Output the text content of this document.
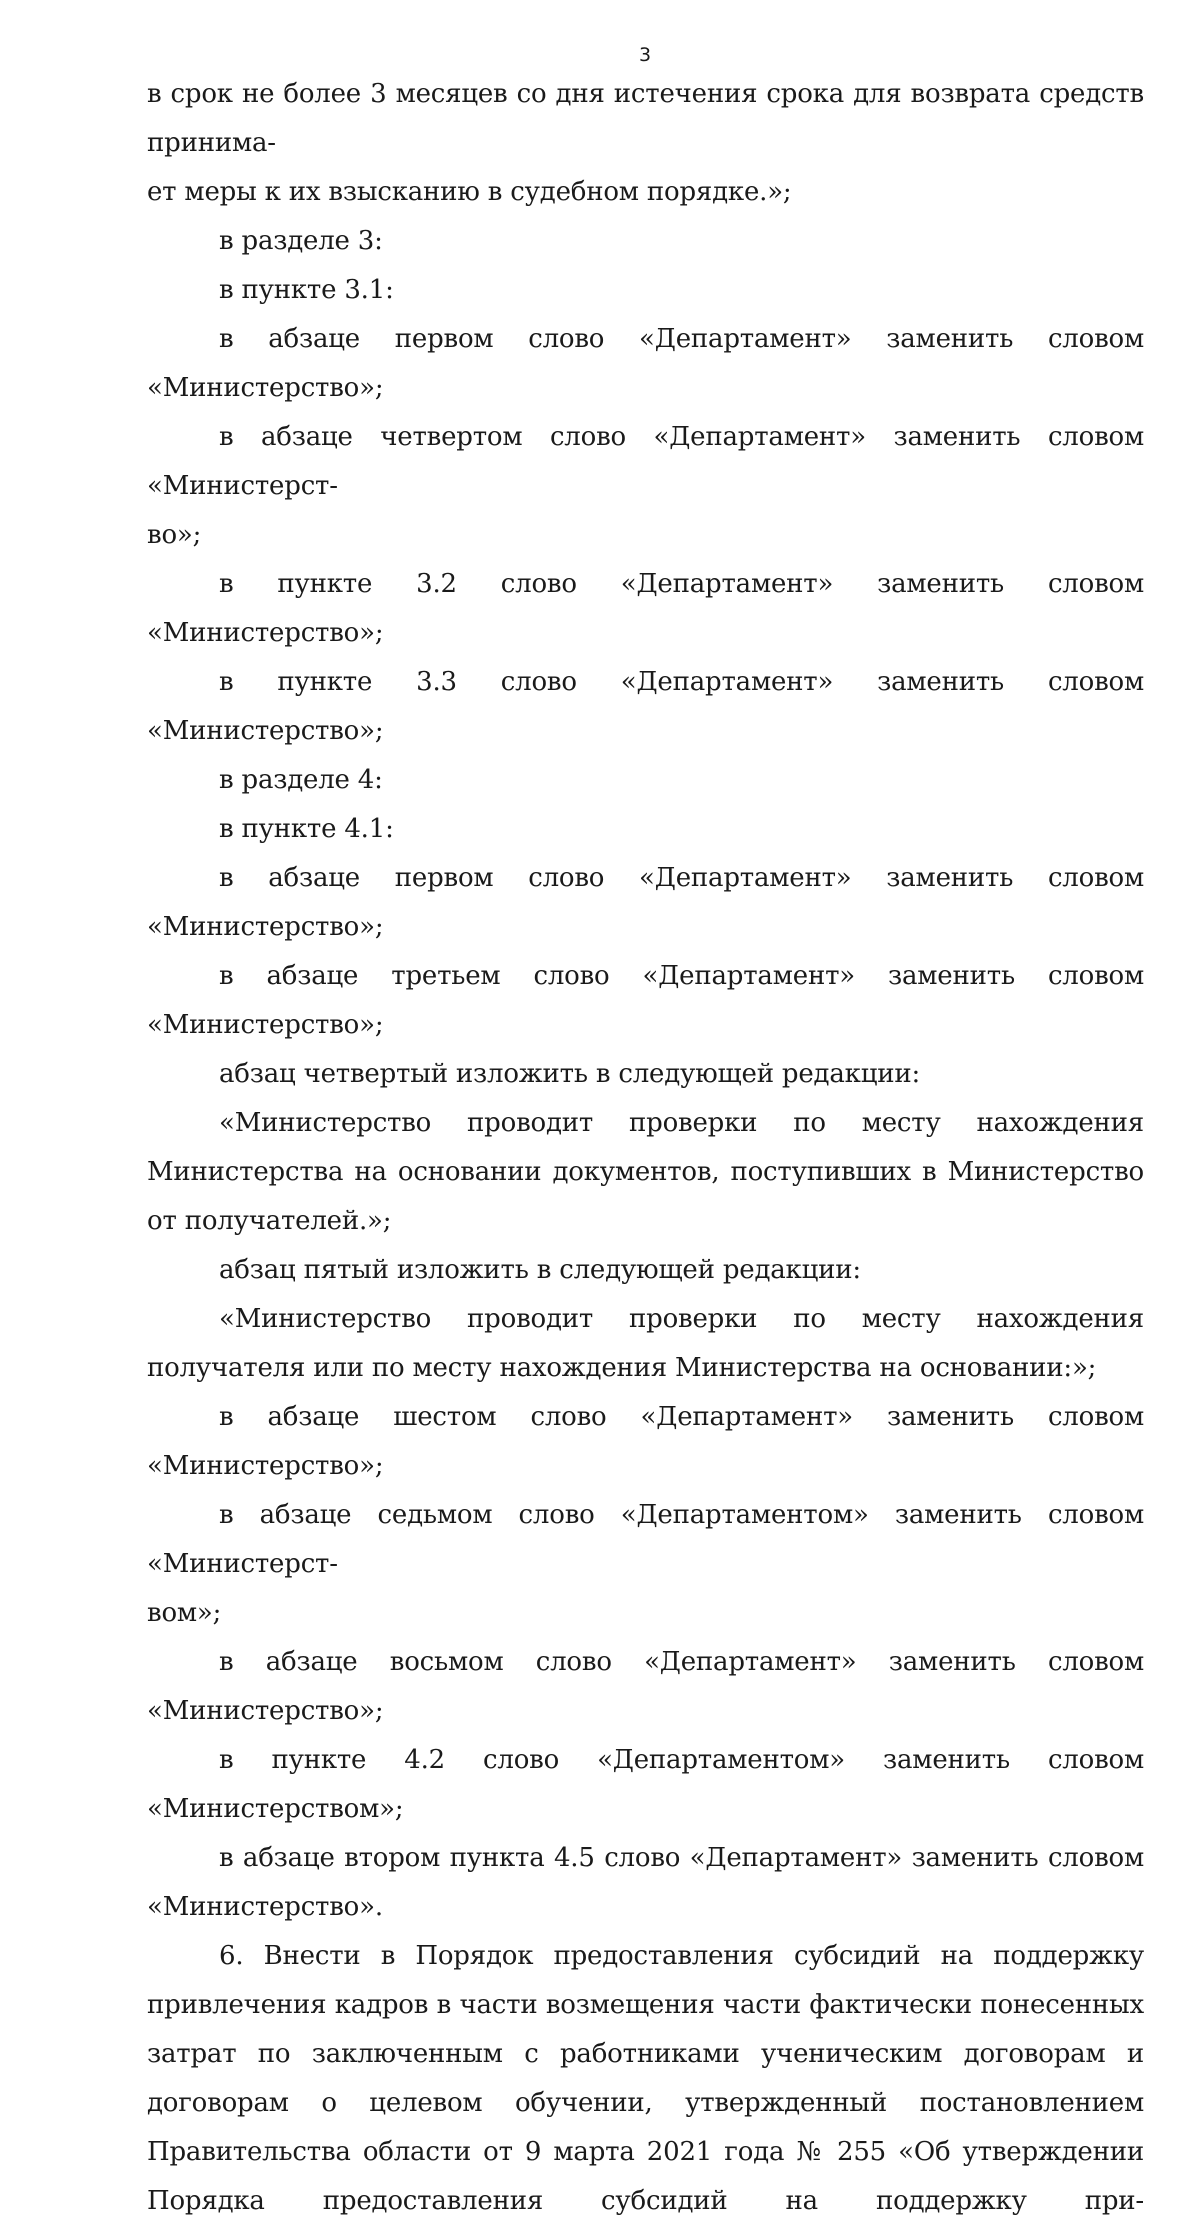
3

в срок не более 3 месяцев со дня истечения срока для возврата средств принима-

ет меры к их взысканию в судебном порядке.»;

в разделе 3:

в пункте 3.1:

в абзаце первом слово «Департамент» заменить словом «Министерство»;

в абзаце четвертом слово «Департамент» заменить словом «Министерст-

во»;

в пункте 3.2 слово «Департамент» заменить словом «Министерство»;

в пункте 3.3 слово «Департамент» заменить словом «Министерство»;

в разделе 4:

в пункте 4.1:

в абзаце первом слово «Департамент» заменить словом «Министерство»;

в абзаце третьем слово «Департамент» заменить словом «Министерство»;

абзац четвертый изложить в следующей редакции:

«Министерство проводит проверки по месту нахождения Министерства на основании документов, поступивших в Министерство от получателей.»;

абзац пятый изложить в следующей редакции:

«Министерство проводит проверки по месту нахождения получателя или по месту нахождения Министерства на основании:»;

в абзаце шестом слово «Департамент» заменить словом «Министерство»;

в абзаце седьмом слово «Департаментом» заменить словом «Министерст-

вом»;

в абзаце восьмом слово «Департамент» заменить словом «Министерство»;

в пункте 4.2 слово «Департаментом» заменить словом «Министерством»;

в абзаце втором пункта 4.5 слово «Департамент» заменить словом «Министерство».

6. Внести в Порядок предоставления субсидий на поддержку привлечения кадров в части возмещения части фактически понесенных затрат по заключенным с работниками ученическим договорам и договорам о целевом обучении, утвержденный постановлением Правительства области от 9 марта 2021 года № 255 «Об утверждении Порядка предоставления субсидий на поддержку при-
